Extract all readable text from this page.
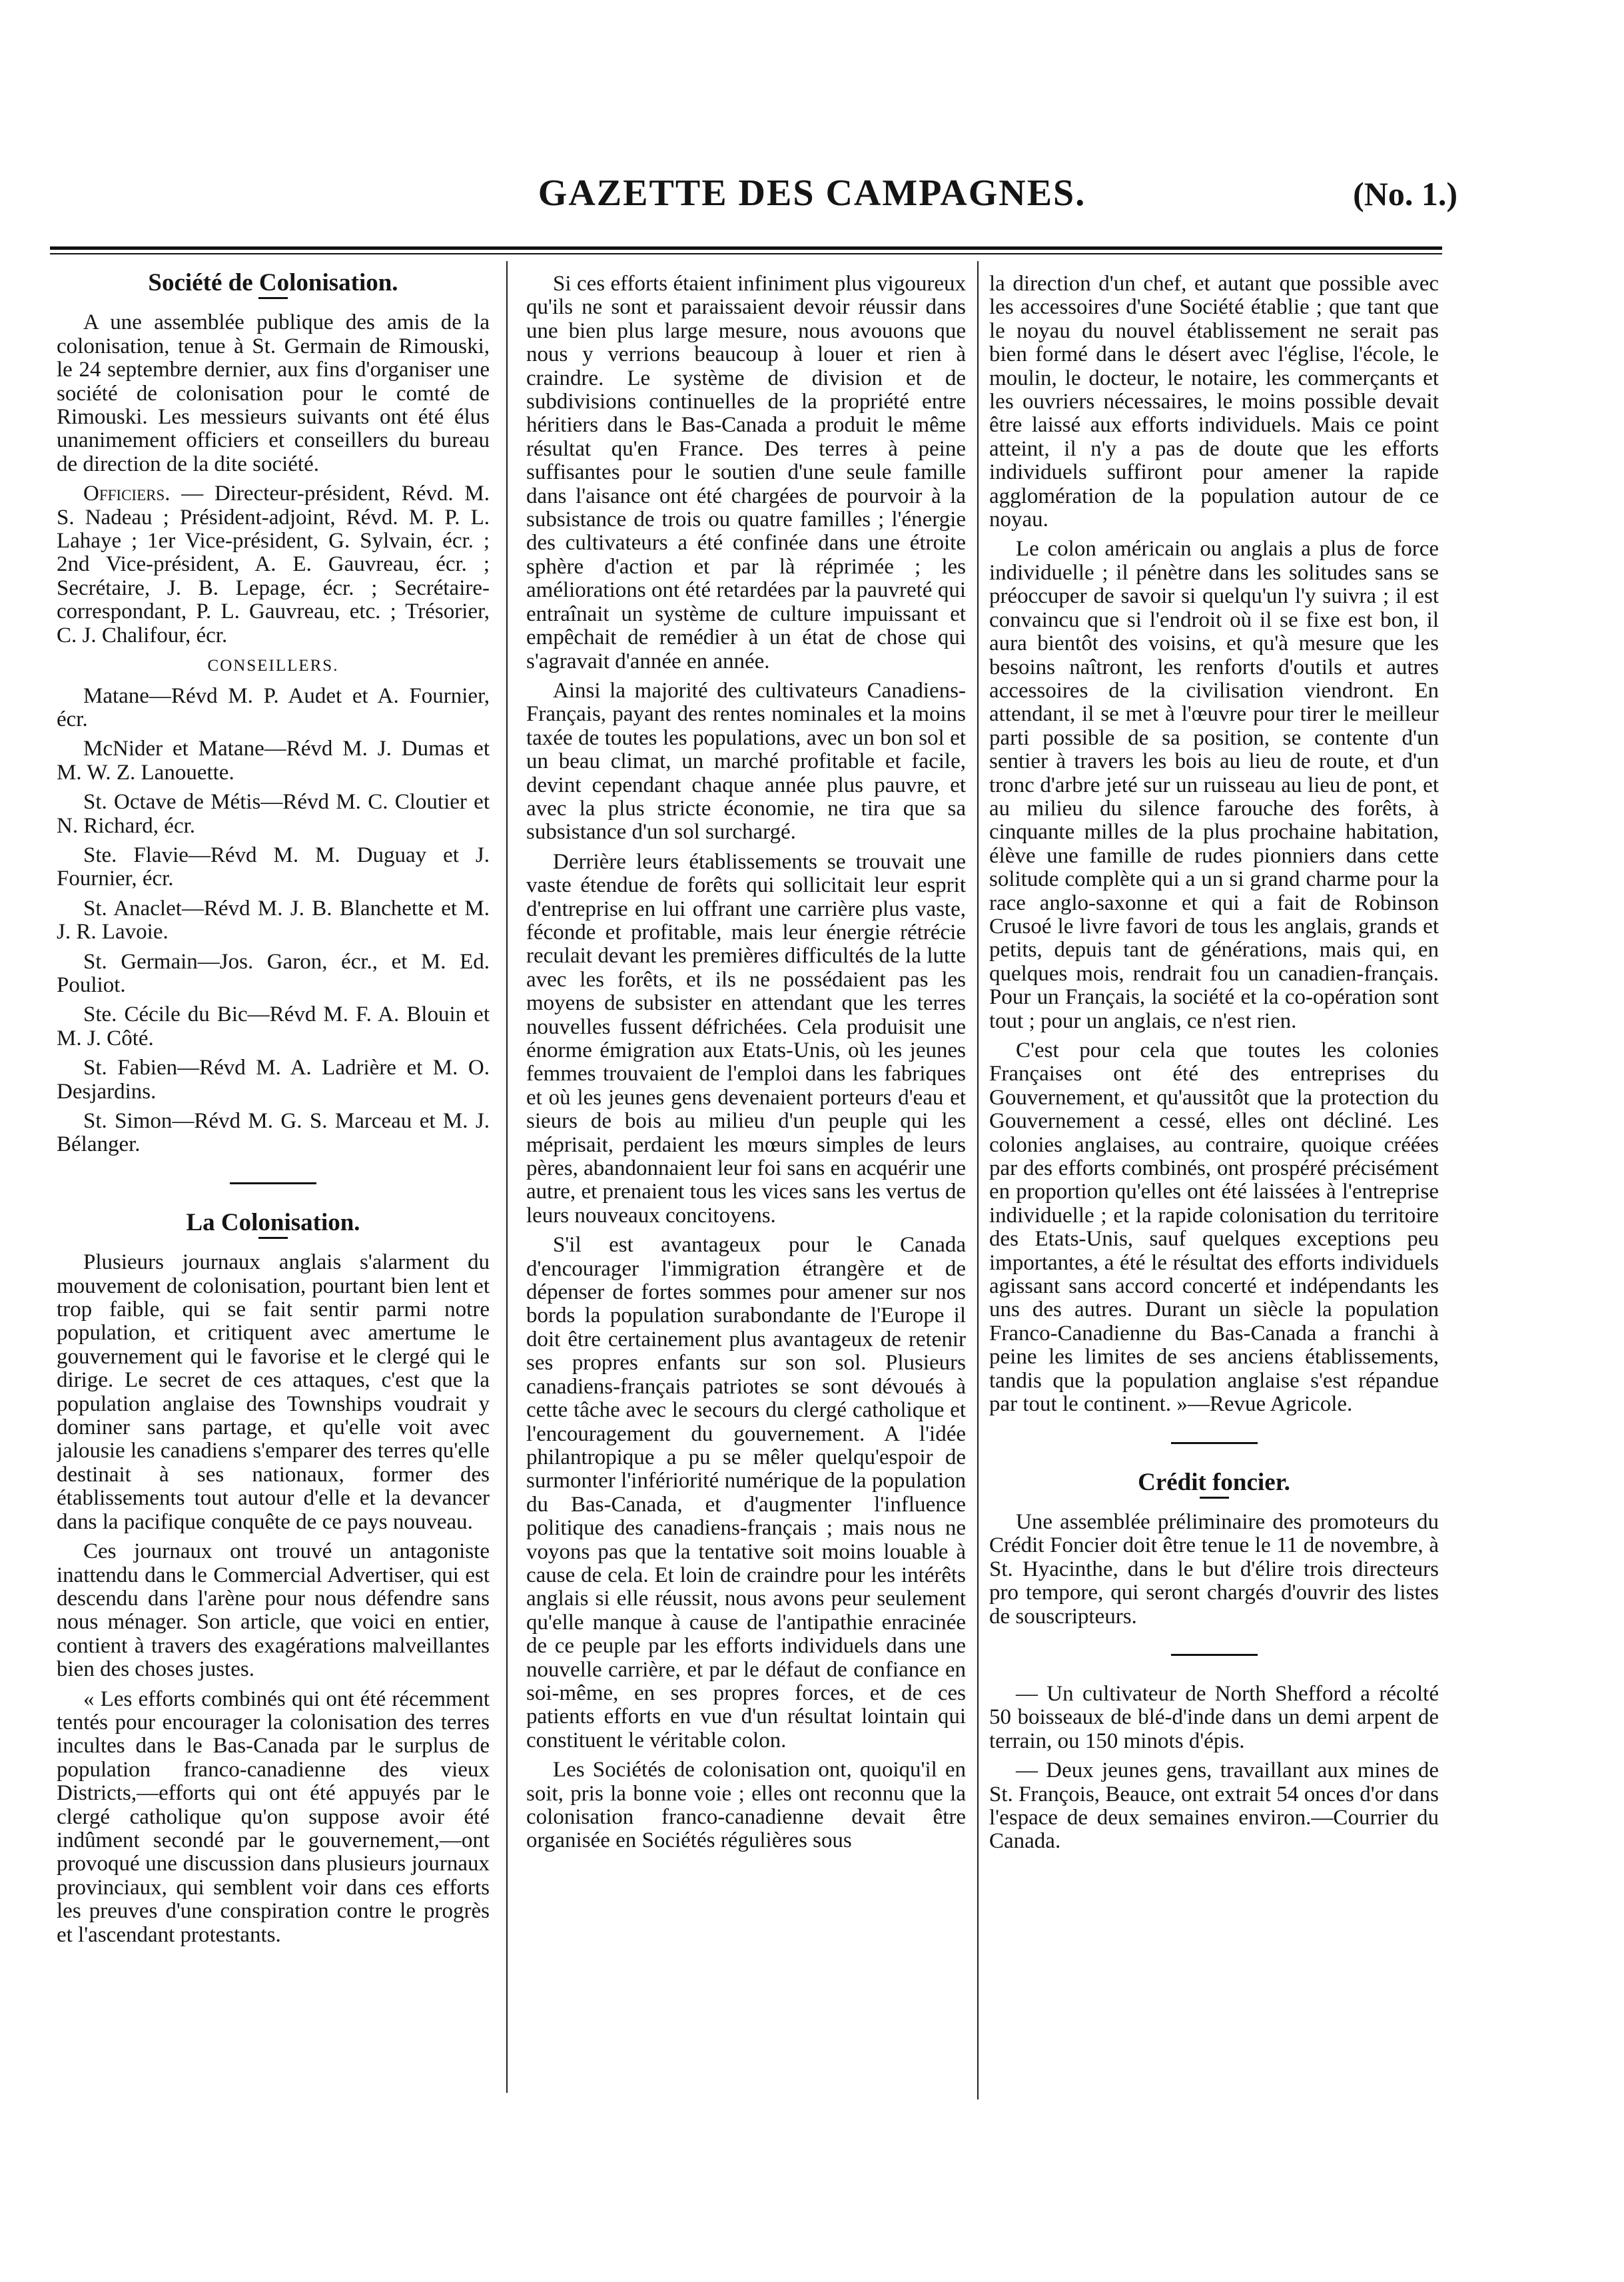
GAZETTE DES CAMPAGNES.	(No. 1.)
Société de Colonisation.

A une assemblée publique des amis de la colonisation, tenue à St. Germain de Rimouski, le 24 septembre dernier, aux fins d'organiser une société de colonisation pour le comté de Rimouski. Les messieurs suivants ont été élus unanimement officiers et conseillers du bureau de direction de la dite société.

Officiers. — Directeur-président, Révd. M. S. Nadeau ; Président-adjoint, Révd. M. P. L. Lahaye ; 1er Vice-président, G. Sylvain, écr. ; 2nd Vice-président, A. E. Gauvreau, écr. ; Secrétaire, J. B. Lepage, écr. ; Secrétaire-correspondant, P. L. Gauvreau, etc. ; Trésorier, C. J. Chalifour, écr.

CONSEILLERS.

Matane—Révd M. P. Audet et A. Fournier, écr.

McNider et Matane—Révd M. J. Dumas et M. W. Z. Lanouette.

St. Octave de Métis—Révd M. C. Cloutier et N. Richard, écr.

Ste. Flavie—Révd M. M. Duguay et J. Fournier, écr.

St. Anaclet—Révd M. J. B. Blanchette et M. J. R. Lavoie.

St. Germain—Jos. Garon, écr., et M. Ed. Pouliot.

Ste. Cécile du Bic—Révd M. F. A. Blouin et M. J. Côté.

St. Fabien—Révd M. A. Ladrière et M. O. Desjardins.

St. Simon—Révd M. G. S. Marceau et M. J. Bélanger.

La Colonisation.

Plusieurs journaux anglais s'alarment du mouvement de colonisation, pourtant bien lent et trop faible, qui se fait sentir parmi notre population, et critiquent avec amertume le gouvernement qui le favorise et le clergé qui le dirige. Le secret de ces attaques, c'est que la population anglaise des Townships voudrait y dominer sans partage, et qu'elle voit avec jalousie les canadiens s'emparer des terres qu'elle destinait à ses nationaux, former des établissements tout autour d'elle et la devancer dans la pacifique conquête de ce pays nouveau.

Ces journaux ont trouvé un antagoniste inattendu dans le Commercial Advertiser, qui est descendu dans l'arène pour nous défendre sans nous ménager. Son article, que voici en entier, contient à travers des exagérations malveillantes bien des choses justes.

« Les efforts combinés qui ont été récemment tentés pour encourager la colonisation des terres incultes dans le Bas-Canada par le surplus de population franco-canadienne des vieux Districts,—efforts qui ont été appuyés par le clergé catholique qu'on suppose avoir été indûment secondé par le gouvernement,—ont provoqué une discussion dans plusieurs journaux provinciaux, qui semblent voir dans ces efforts les preuves d'une conspiration contre le progrès et l'ascendant protestants.

Si ces efforts étaient infiniment plus vigoureux qu'ils ne sont et paraissaient devoir réussir dans une bien plus large mesure, nous avouons que nous y verrions beaucoup à louer et rien à craindre. Le système de division et de subdivisions continuelles de la propriété entre héritiers dans le Bas-Canada a produit le même résultat qu'en France. Des terres à peine suffisantes pour le soutien d'une seule famille dans l'aisance ont été chargées de pourvoir à la subsistance de trois ou quatre familles ; l'énergie des cultivateurs a été confinée dans une étroite sphère d'action et par là réprimée ; les améliorations ont été retardées par la pauvreté qui entraînait un système de culture impuissant et empêchait de remédier à un état de chose qui s'agravait d'année en année.

Ainsi la majorité des cultivateurs Canadiens-Français, payant des rentes nominales et la moins taxée de toutes les populations, avec un bon sol et un beau climat, un marché profitable et facile, devint cependant chaque année plus pauvre, et avec la plus stricte économie, ne tira que sa subsistance d'un sol surchargé.

Derrière leurs établissements se trouvait une vaste étendue de forêts qui sollicitait leur esprit d'entreprise en lui offrant une carrière plus vaste, féconde et profitable, mais leur énergie rétrécie reculait devant les premières difficultés de la lutte avec les forêts, et ils ne possédaient pas les moyens de subsister en attendant que les terres nouvelles fussent défrichées. Cela produisit une énorme émigration aux Etats-Unis, où les jeunes femmes trouvaient de l'emploi dans les fabriques et où les jeunes gens devenaient porteurs d'eau et sieurs de bois au milieu d'un peuple qui les méprisait, perdaient les mœurs simples de leurs pères, abandonnaient leur foi sans en acquérir une autre, et prenaient tous les vices sans les vertus de leurs nouveaux concitoyens.

S'il est avantageux pour le Canada d'encourager l'immigration étrangère et de dépenser de fortes sommes pour amener sur nos bords la population surabondante de l'Europe il doit être certainement plus avantageux de retenir ses propres enfants sur son sol. Plusieurs canadiens-français patriotes se sont dévoués à cette tâche avec le secours du clergé catholique et l'encouragement du gouvernement. A l'idée philantropique a pu se mêler quelqu'espoir de surmonter l'infériorité numérique de la population du Bas-Canada, et d'augmenter l'influence politique des canadiens-français ; mais nous ne voyons pas que la tentative soit moins louable à cause de cela. Et loin de craindre pour les intérêts anglais si elle réussit, nous avons peur seulement qu'elle manque à cause de l'antipathie enracinée de ce peuple par les efforts individuels dans une nouvelle carrière, et par le défaut de confiance en soi-même, en ses propres forces, et de ces patients efforts en vue d'un résultat lointain qui constituent le véritable colon.

Les Sociétés de colonisation ont, quoiqu'il en soit, pris la bonne voie ; elles ont reconnu que la colonisation franco-canadienne devait être organisée en Sociétés régulières sous

la direction d'un chef, et autant que possible avec les accessoires d'une Société établie ; que tant que le noyau du nouvel établissement ne serait pas bien formé dans le désert avec l'église, l'école, le moulin, le docteur, le notaire, les commerçants et les ouvriers nécessaires, le moins possible devait être laissé aux efforts individuels. Mais ce point atteint, il n'y a pas de doute que les efforts individuels suffiront pour amener la rapide agglomération de la population autour de ce noyau.

Le colon américain ou anglais a plus de force individuelle ; il pénètre dans les solitudes sans se préoccuper de savoir si quelqu'un l'y suivra ; il est convaincu que si l'endroit où il se fixe est bon, il aura bientôt des voisins, et qu'à mesure que les besoins naîtront, les renforts d'outils et autres accessoires de la civilisation viendront. En attendant, il se met à l'œuvre pour tirer le meilleur parti possible de sa position, se contente d'un sentier à travers les bois au lieu de route, et d'un tronc d'arbre jeté sur un ruisseau au lieu de pont, et au milieu du silence farouche des forêts, à cinquante milles de la plus prochaine habitation, élève une famille de rudes pionniers dans cette solitude complète qui a un si grand charme pour la race anglo-saxonne et qui a fait de Robinson Crusoé le livre favori de tous les anglais, grands et petits, depuis tant de générations, mais qui, en quelques mois, rendrait fou un canadien-français. Pour un Français, la société et la co-opération sont tout ; pour un anglais, ce n'est rien.

C'est pour cela que toutes les colonies Françaises ont été des entreprises du Gouvernement, et qu'aussitôt que la protection du Gouvernement a cessé, elles ont décliné. Les colonies anglaises, au contraire, quoique créées par des efforts combinés, ont prospéré précisément en proportion qu'elles ont été laissées à l'entreprise individuelle ; et la rapide colonisation du territoire des Etats-Unis, sauf quelques exceptions peu importantes, a été le résultat des efforts individuels agissant sans accord concerté et indépendants les uns des autres. Durant un siècle la population Franco-Canadienne du Bas-Canada a franchi à peine les limites de ses anciens établissements, tandis que la population anglaise s'est répandue par tout le continent. »—Revue Agricole.

Crédit foncier.

Une assemblée préliminaire des promoteurs du Crédit Foncier doit être tenue le 11 de novembre, à St. Hyacinthe, dans le but d'élire trois directeurs pro tempore, qui seront chargés d'ouvrir des listes de souscripteurs.

— Un cultivateur de North Shefford a récolté 50 boisseaux de blé-d'inde dans un demi arpent de terrain, ou 150 minots d'épis.

— Deux jeunes gens, travaillant aux mines de St. François, Beauce, ont extrait 54 onces d'or dans l'espace de deux semaines environ.—Courrier du Canada.
